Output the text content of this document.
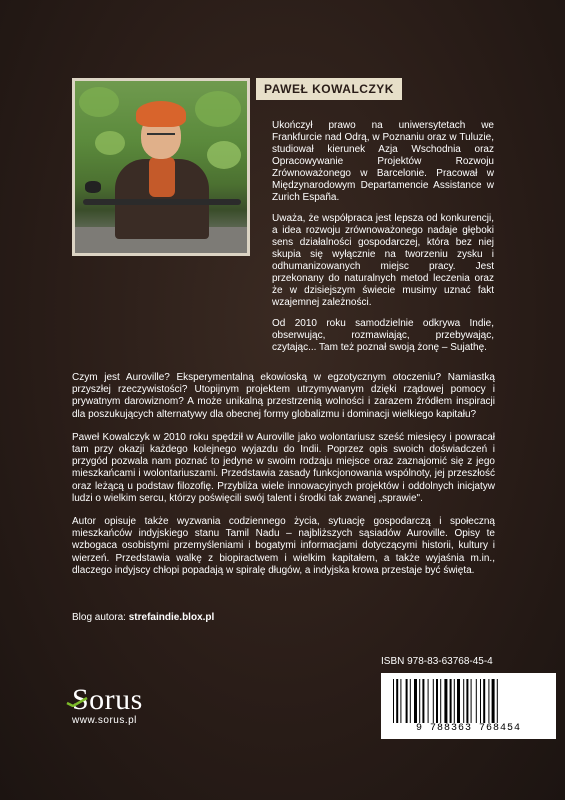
PAWEŁ KOWALCZYK

Ukończył prawo na uniwersytetach we Frankfurcie nad Odrą, w Poznaniu oraz w Tuluzie, studiował kierunek Azja Wschodnia oraz Opracowywanie Projektów Rozwoju Zrównoważonego w Barcelonie. Pracował w Międzynarodowym Departamencie Assistance w Zurich España.

Uważa, że współpraca jest lepsza od konkurencji, a idea rozwoju zrównoważonego nadaje głęboki sens działalności gospodarczej, która bez niej skupia się wyłącznie na tworzeniu zysku i odhumanizowanych miejsc pracy. Jest przekonany do naturalnych metod leczenia oraz że w dzisiejszym świecie musimy uznać fakt wzajemnej zależności.

Od 2010 roku samodzielnie odkrywa Indie, obserwując, rozmawiając, przebywając, czytając... Tam też poznał swoją żonę – Sujathę.

Czym jest Auroville? Eksperymentalną ekowioską w egzotycznym otoczeniu? Namiastką przyszłej rzeczywistości? Utopijnym projektem utrzymywanym dzięki rządowej pomocy i prywatnym darowiznom? A może unikalną przestrzenią wolności i zarazem źródłem inspiracji dla poszukujących alternatywy dla obecnej formy globalizmu i dominacji wielkiego kapitału?

Paweł Kowalczyk w 2010 roku spędził w Auroville jako wolontariusz sześć miesięcy i powracał tam przy okazji każdego kolejnego wyjazdu do Indii. Poprzez opis swoich doświadczeń i przygód pozwala nam poznać to jedyne w swoim rodzaju miejsce oraz zaznajomić się z jego mieszkańcami i wolontariuszami. Przedstawia zasady funkcjonowania wspólnoty, jej przeszłość oraz leżącą u podstaw filozofię. Przybliża wiele innowacyjnych projektów i oddolnych inicjatyw ludzi o wielkim sercu, którzy poświęcili swój talent i środki tak zwanej „sprawie".

Autor opisuje także wyzwania codziennego życia, sytuację gospodarczą i społeczną mieszkańców indyjskiego stanu Tamil Nadu – najbliższych sąsiadów Auroville. Opisy te wzbogaca osobistymi przemyśleniami i bogatymi informacjami dotyczącymi historii, kultury i wierzeń. Przedstawia walkę z biopiractwem i wielkim kapitałem, a także wyjaśnia m.in., dlaczego indyjscy chłopi popadają w spiralę długów, a indyjska krowa przestaje być święta.

Blog autora: strefaindie.blox.pl
ISBN 978-83-63768-45-4
9 788363 768454
Sorus
www.sorus.pl
